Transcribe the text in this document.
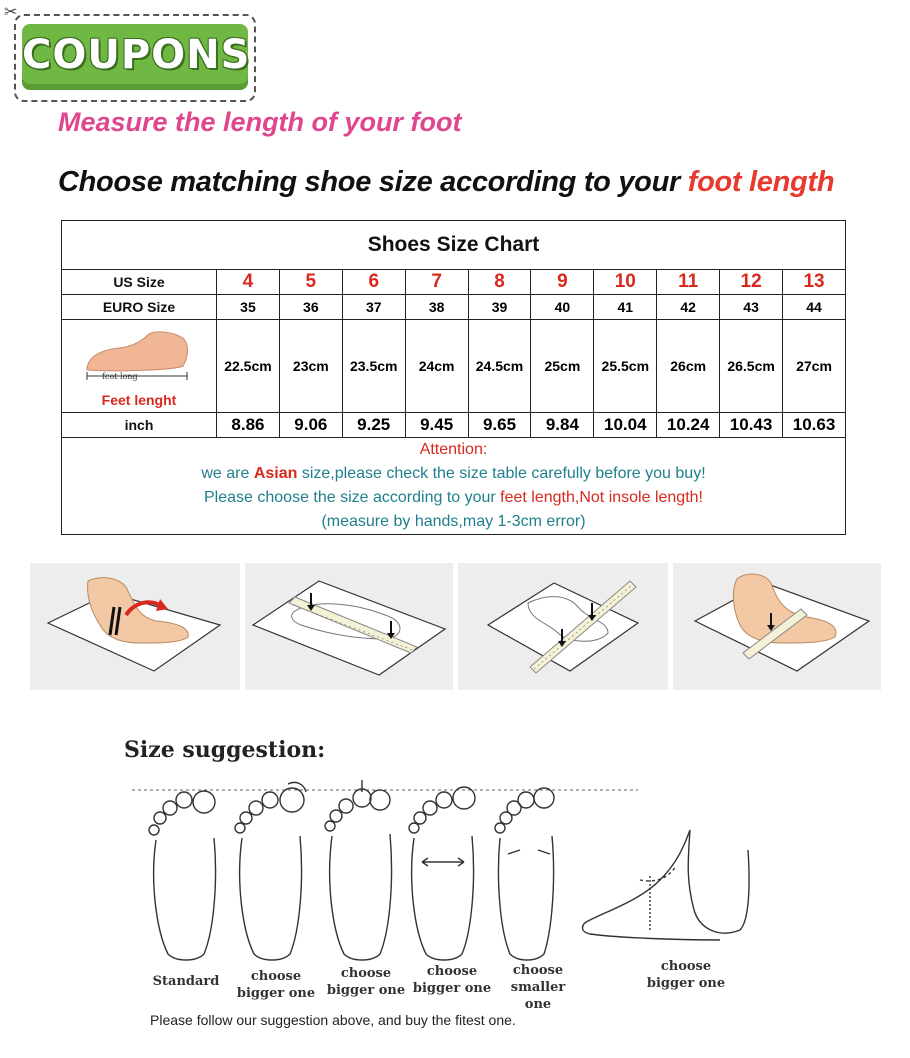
COUPONS
✂
Measure the length of your foot
Choose matching shoe size according to your foot length
Shoes Size Chart										
US Size	4	5	6	7	8	9	10	11	12	13
EURO Size	35	36	37	38	39	40	41	42	43	44

fcot long
Feet lenght	22.5cm	23cm	23.5cm	24cm	24.5cm	25cm	25.5cm	26cm	26.5cm	27cm
inch	8.86	9.06	9.25	9.45	9.65	9.84	10.04	10.24	10.43	10.63

Attention:
we are Asian size,please check the size table carefully before you buy!
Please choose the size according to your feet length,Not insole length!
(measure by hands,may 1-3cm error)										
Size suggestion:
Standard	choose
bigger one
choose
bigger one
choose
bigger one
choose
smaller one
choose
bigger one
Please follow our suggestion above, and buy the fitest one.
